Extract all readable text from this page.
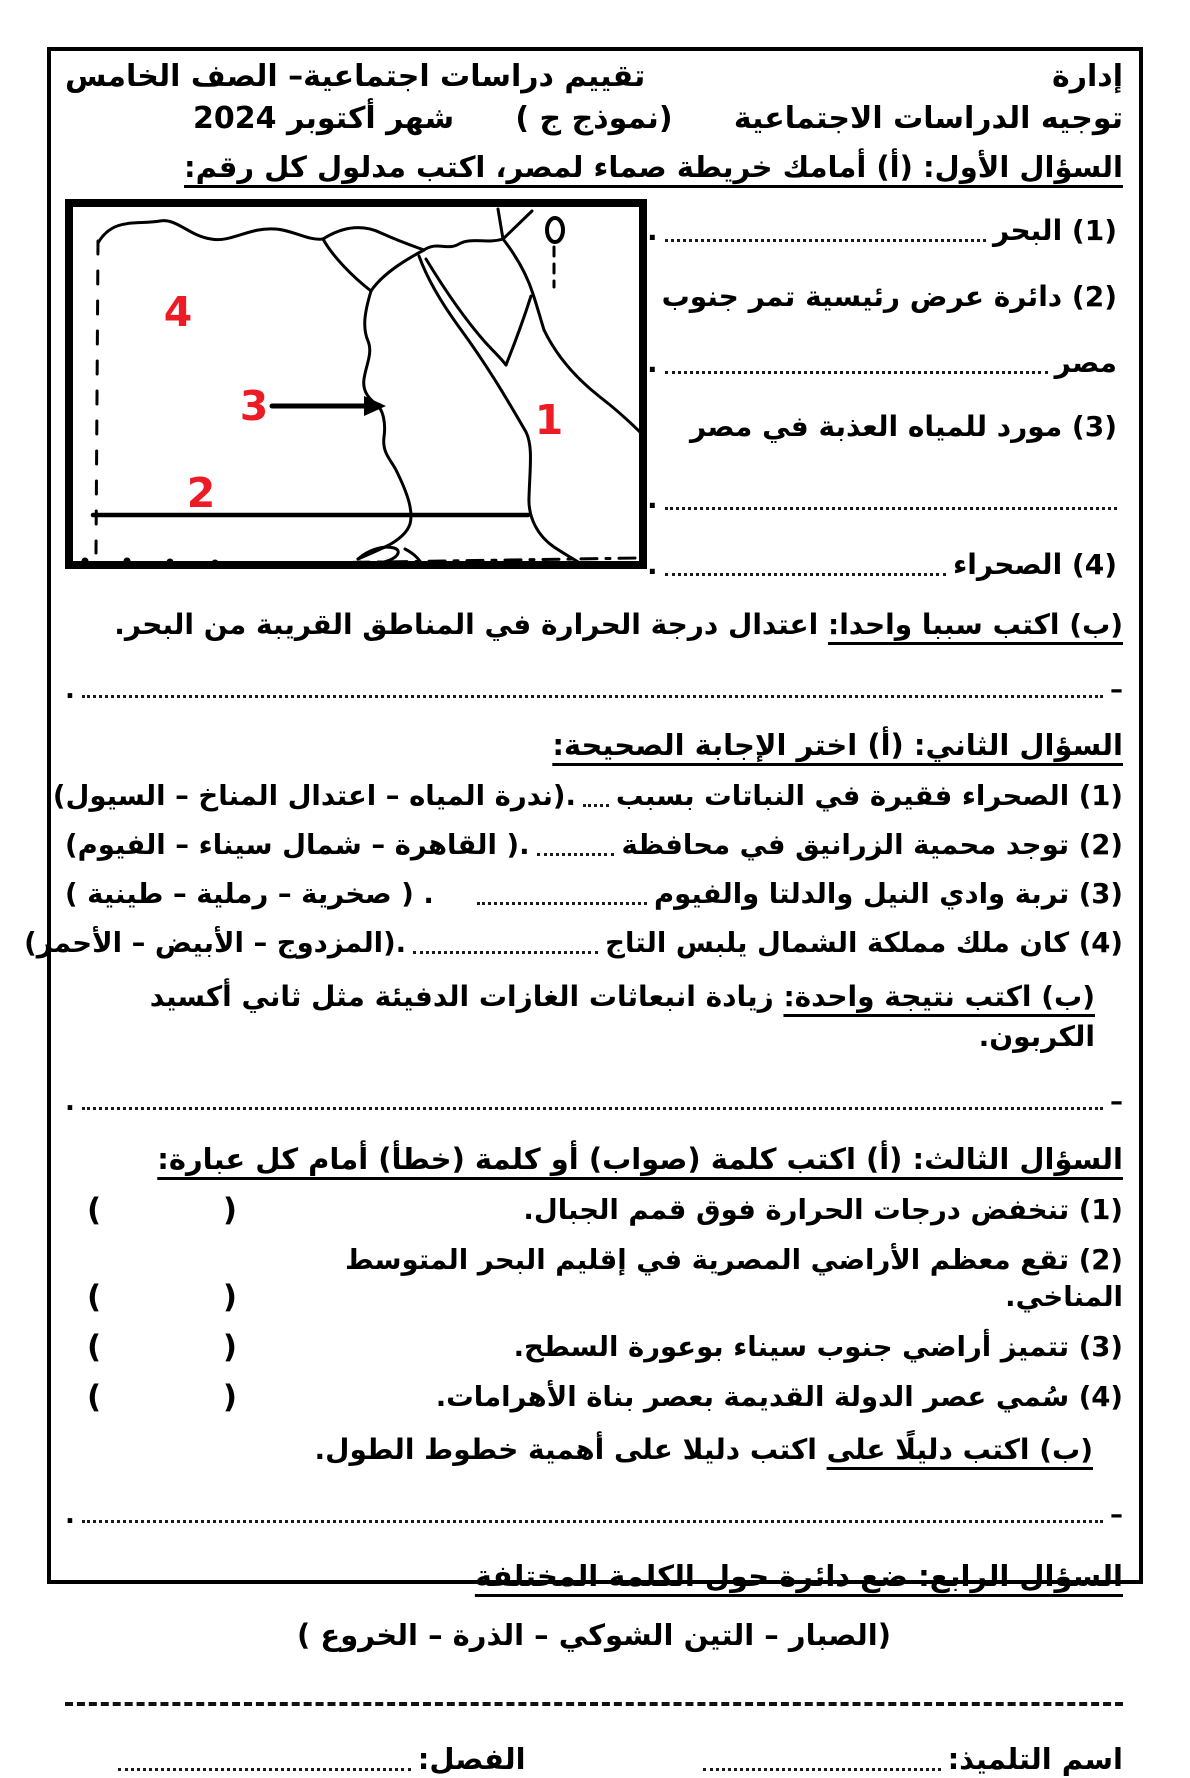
إدارة
تقييم دراسات اجتماعية– الصف الخامس
توجيه الدراسات الاجتماعية
(نموذج ج )
شهر أكتوبر 2024
السؤال الأول: (أ) أمامك خريطة صماء لمصر، اكتب مدلول كل رقم:
(1) البحر
.
(2) دائرة عرض رئيسية تمر جنوب
مصر
.
(3) مورد للمياه العذبة في مصر
.
(4) الصحراء
.
4
3
2
1
(ب) اكتب سببا واحدا: اعتدال درجة الحرارة في المناطق القريبة من البحر.
–
.
السؤال الثاني: (أ) اختر الإجابة الصحيحة:
(1) الصحراء فقيرة في النباتات بسبب
.(ندرة المياه – اعتدال المناخ – السيول)
(2) توجد محمية الزرانيق في محافظة
.( القاهرة – شمال سيناء – الفيوم)
(3) تربة وادي النيل والدلتا والفيوم
. ( صخرية – رملية – طينية )
(4) كان ملك مملكة الشمال يلبس التاج
.(المزدوج – الأبيض – الأحمر)
(ب) اكتب نتيجة واحدة: زيادة انبعاثات الغازات الدفيئة مثل ثاني أكسيد الكربون.
–
.
السؤال الثالث: (أ) اكتب كلمة (صواب) أو كلمة (خطأ) أمام كل عبارة:
(1) تنخفض درجات الحرارة فوق قمم الجبال.
(	)
(2) تقع معظم الأراضي المصرية في إقليم البحر المتوسط المناخي.
(	)
(3) تتميز أراضي جنوب سيناء بوعورة السطح.
(	)
(4) سُمي عصر الدولة القديمة بعصر بناة الأهرامات.
(	)
(ب) اكتب دليلًا على اكتب دليلا على أهمية خطوط الطول.
–
.
السؤال الرابع: ضع دائرة حول الكلمة المختلفة
(الصبار – التين الشوكي – الذرة – الخروع )
اسم التلميذ:
الفصل:
